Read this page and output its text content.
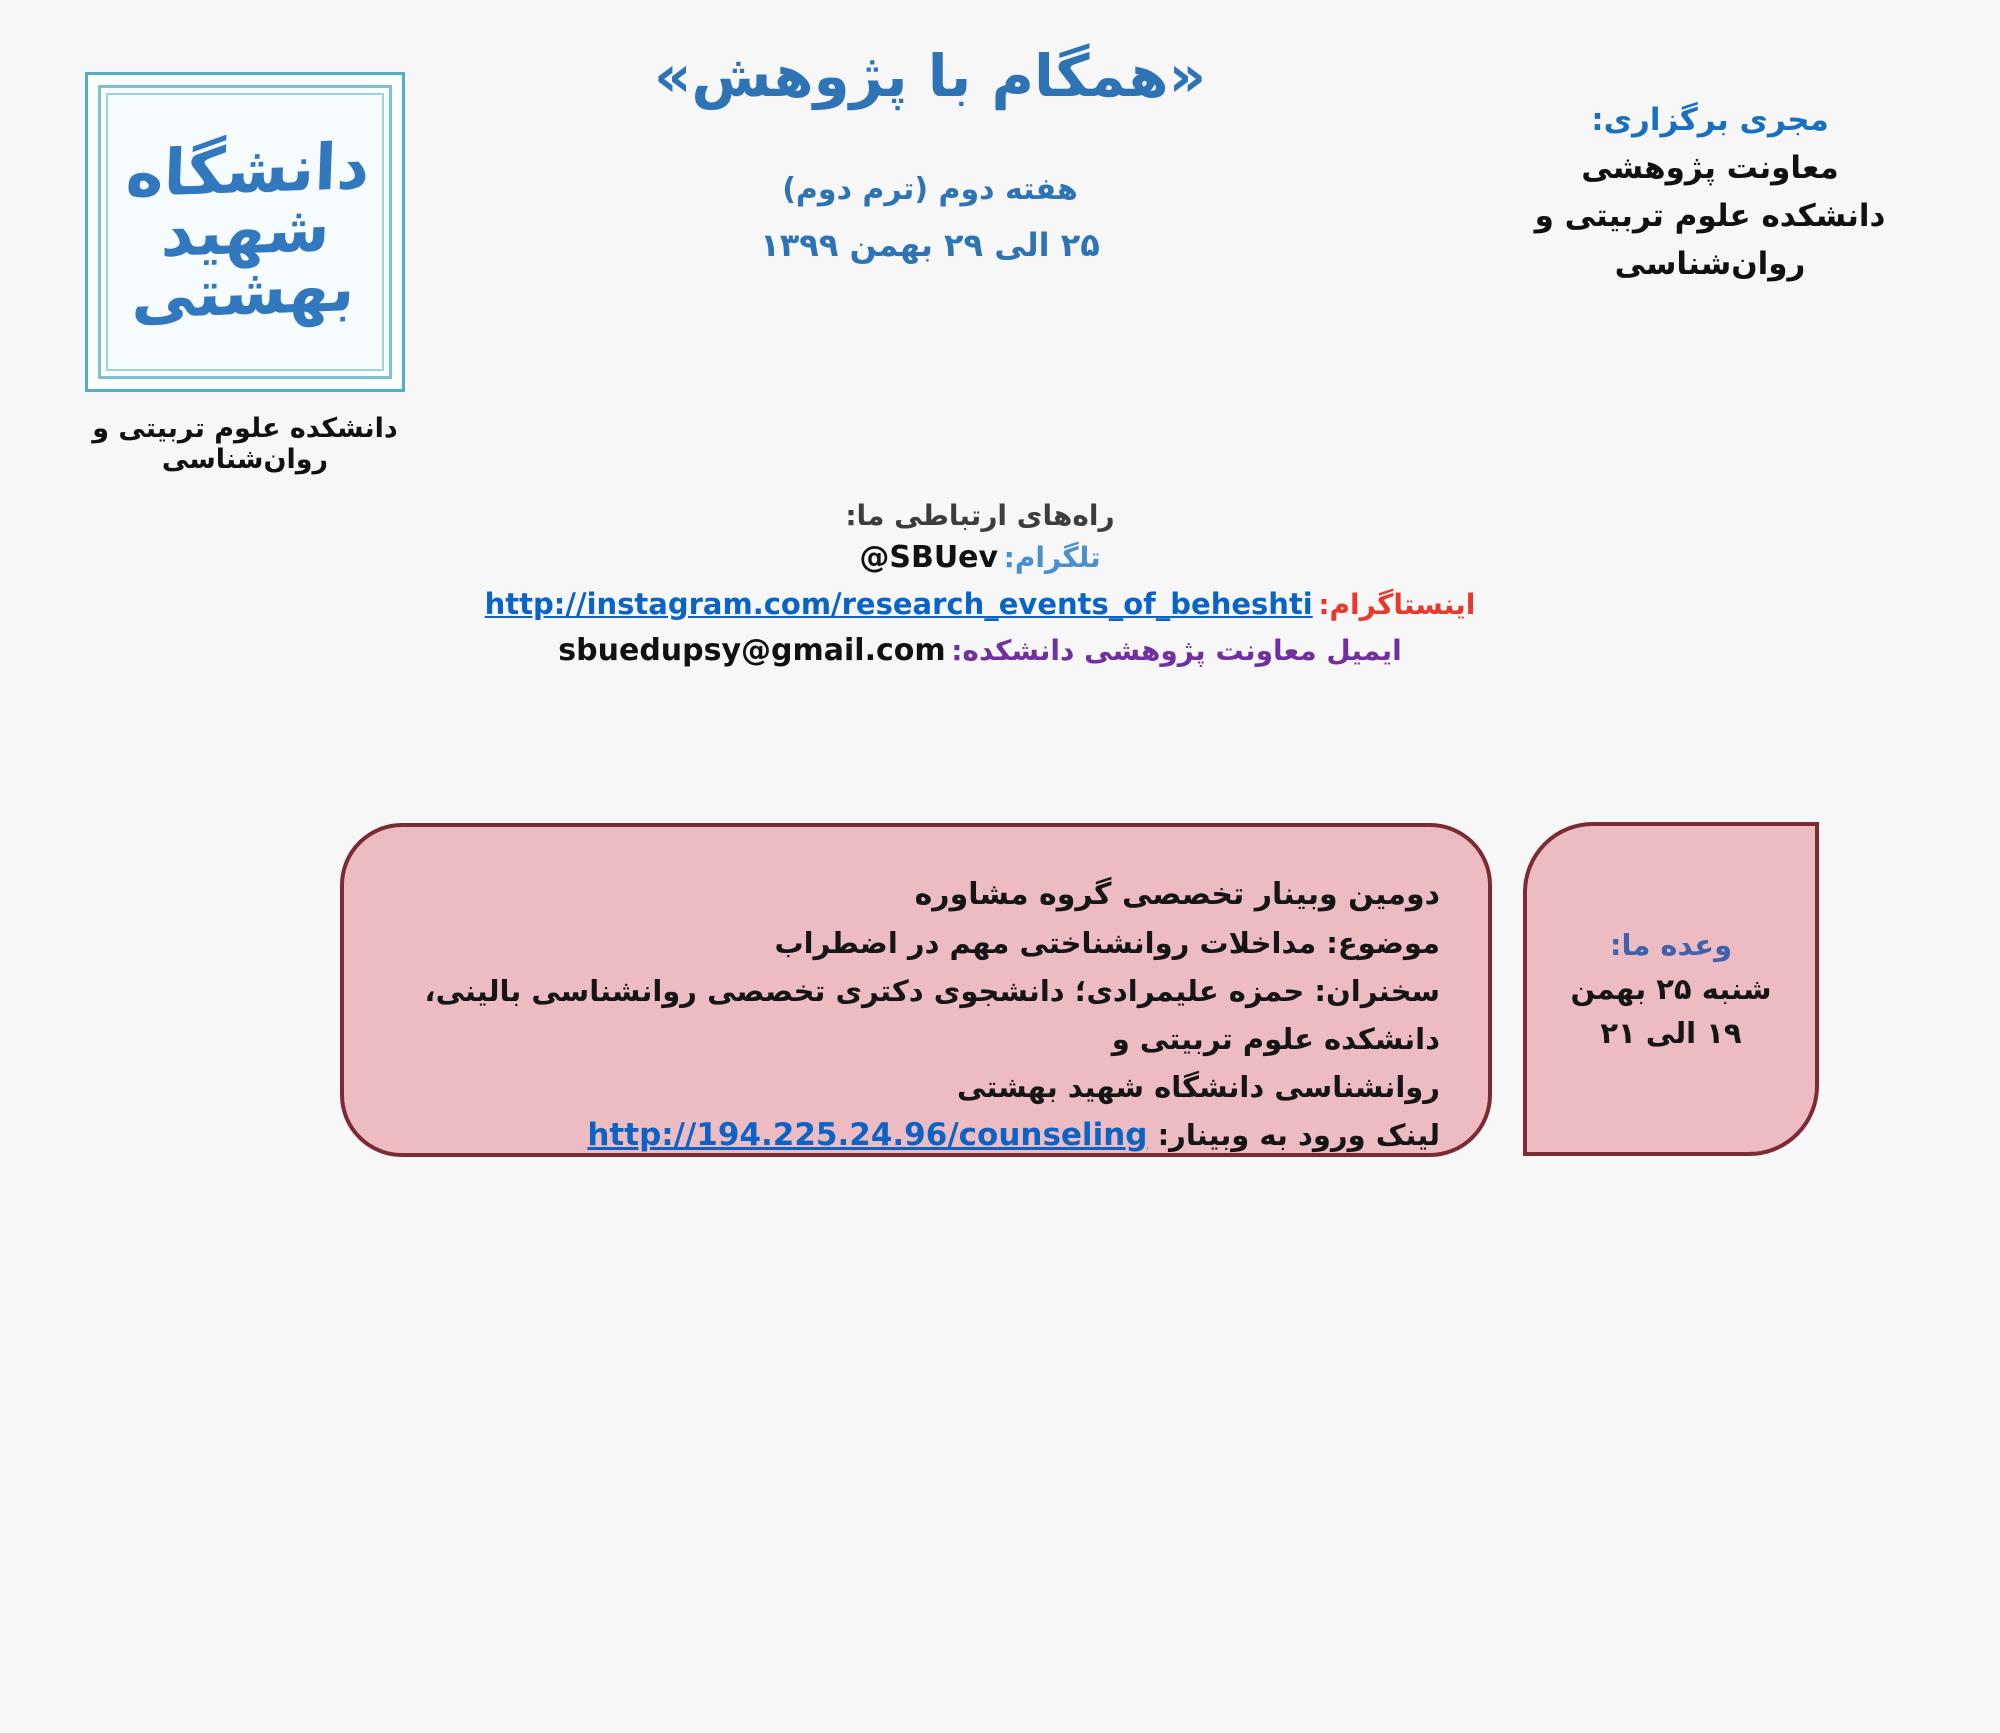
دانشگاه
شهید
بهشتی
دانشکده علوم تربیتی و روان‌شناسی
«همگام با پژوهش»
هفته دوم (ترم دوم)
۲۵ الی ۲۹ بهمن ۱۳۹۹
مجری برگزاری:
معاونت پژوهشی
دانشکده علوم تربیتی و روان‌شناسی
راه‌های ارتباطی ما:
تلگرام: @SBUev
اینستاگرام: http://instagram.com/research_events_of_beheshti
ایمیل معاونت پژوهشی دانشکده: sbuedupsy@gmail.com

دومین وبینار تخصصی گروه مشاوره

موضوع: مداخلات روانشناختی مهم در اضطراب

سخنران: حمزه علیمرادی؛ دانشجوی دکتری تخصصی روانشناسی بالینی، دانشکده علوم تربیتی و

روانشناسی دانشگاه شهید بهشتی

لینک ورود به وبینار: http://194.225.24.96/counseling

وعده ما:
شنبه ۲۵ بهمن
۱۹ الی ۲۱
